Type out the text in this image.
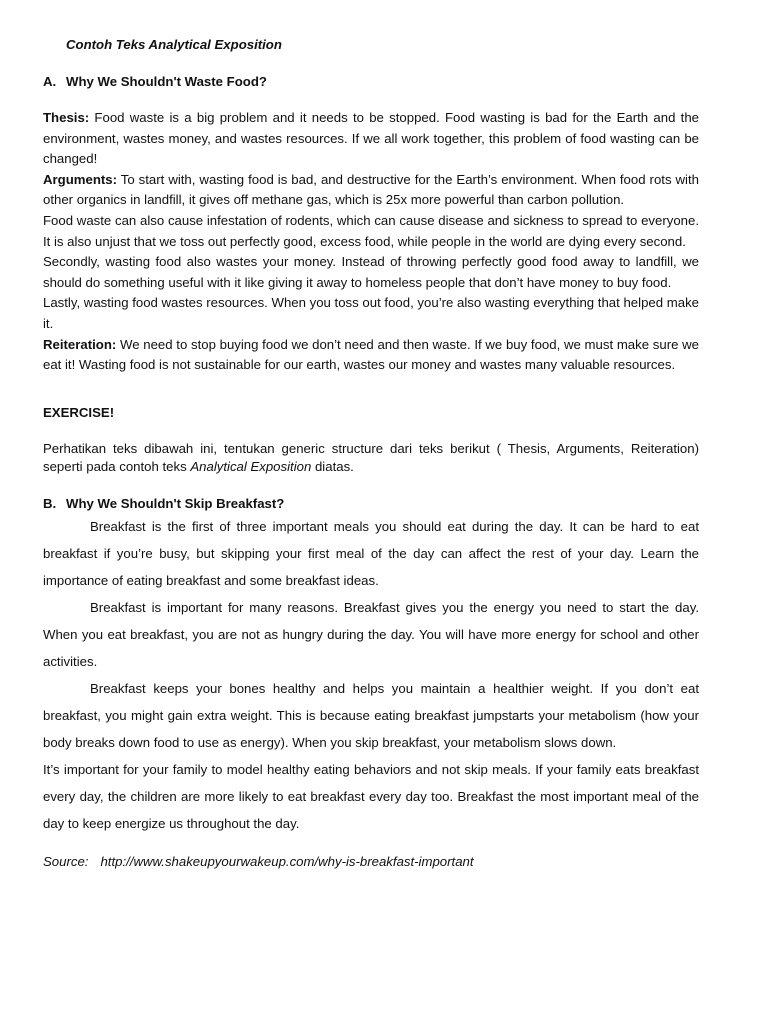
Contoh Teks Analytical Exposition

A. Why We Shouldn't Waste Food?

Thesis: Food waste is a big problem and it needs to be stopped. Food wasting is bad for the Earth and the environment, wastes money, and wastes resources. If we all work together, this problem of food wasting can be changed!

Arguments: To start with, wasting food is bad, and destructive for the Earth’s environment. When food rots with other organics in landfill, it gives off methane gas, which is 25x more powerful than carbon pollution.

Food waste can also cause infestation of rodents, which can cause disease and sickness to spread to everyone. It is also unjust that we toss out perfectly good, excess food, while people in the world are dying every second.

Secondly, wasting food also wastes your money. Instead of throwing perfectly good food away to landfill, we should do something useful with it like giving it away to homeless people that don’t have money to buy food.

Lastly, wasting food wastes resources. When you toss out food, you’re also wasting everything that helped make it.

Reiteration: We need to stop buying food we don’t need and then waste. If we buy food, we must make sure we eat it! Wasting food is not sustainable for our earth, wastes our money and wastes many valuable resources.

EXERCISE!

Perhatikan teks dibawah ini, tentukan generic structure dari teks berikut ( Thesis, Arguments, Reiteration) seperti pada contoh teks Analytical Exposition diatas.

B. Why We Shouldn't Skip Breakfast?

Breakfast is the first of three important meals you should eat during the day. It can be hard to eat breakfast if you’re busy, but skipping your first meal of the day can affect the rest of your day. Learn the importance of eating breakfast and some breakfast ideas.

Breakfast is important for many reasons. Breakfast gives you the energy you need to start the day. When you eat breakfast, you are not as hungry during the day. You will have more energy for school and other activities.

Breakfast keeps your bones healthy and helps you maintain a healthier weight. If you don’t eat breakfast, you might gain extra weight. This is because eating breakfast jumpstarts your metabolism (how your body breaks down food to use as energy). When you skip breakfast, your metabolism slows down.

It’s important for your family to model healthy eating behaviors and not skip meals. If your family eats breakfast every day, the children are more likely to eat breakfast every day too. Breakfast the most important meal of the day to keep energize us throughout the day.

Source: http://www.shakeupyourwakeup.com/why-is-breakfast-important
